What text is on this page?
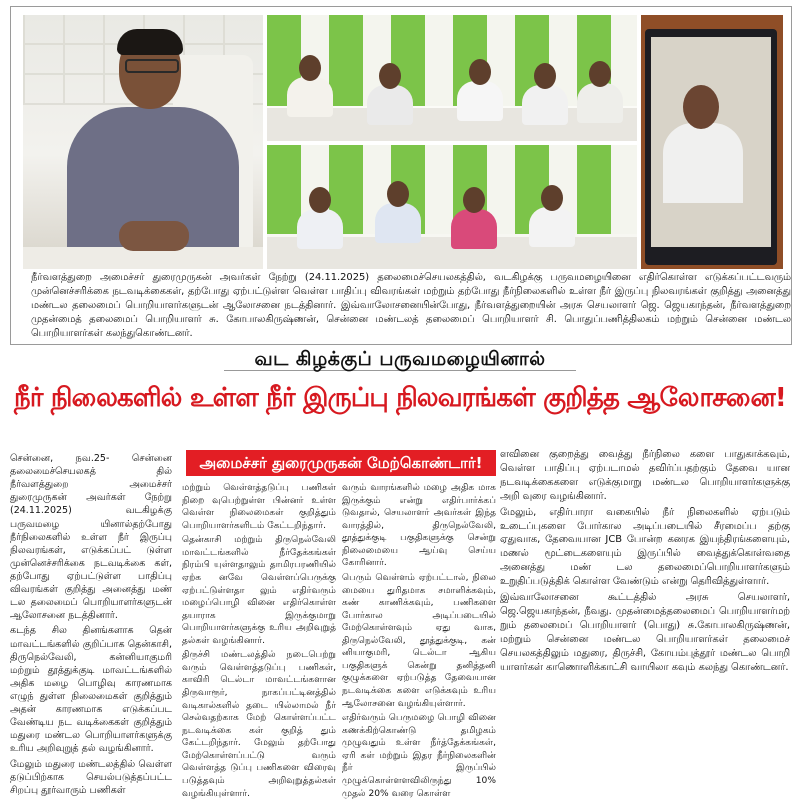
நீர்வளத்துறை அமைச்சர் துரைமுருகன் அவர்கள் நேற்று (24.11.2025) தலைமைச்செயலகத்தில், வடகிழக்கு பருவமழையினை எதிர்கொள்ள எடுக்கப்பட்டவரும் முன்னெச்சரிக்கை நடவடிக்கைகள், தற்போது ஏற்பட்டுள்ள வெள்ள பாதிப்பு விவரங்கள் மற்றும் தற்போது நீர்நிலைகளில் உள்ள நீர் இருப்பு நிலவரங்கள் குறித்து அனைத்து மண்டல தலைமைப் பொறியாளர்களுடன் ஆலோசனை நடத்தினார். இவ்வாலோசனையின்போது, நீர்வளத்துறையின் அரசு செயலாளர் ஜெ. ஜெயகாந்தன், நீர்வளத்துறை முதன்மைத் தலைமைப் பொறியாளர் சு. கோபாலகிருஷ்ணன், சென்னை மண்டலத் தலைமைப் பொறியாளர் சி. பொதுப்பணித்திலகம் மற்றும் சென்னை மண்டல பொறியாளர்கள் கலந்துகொண்டனர்.
வட கிழக்குப் பருவமழையினால்
நீர் நிலைகளில் உள்ள நீர் இருப்பு நிலவரங்கள் குறித்த ஆலோசனை!
அமைச்சர் துரைமுருகன் மேற்கொண்டார்!

சென்னை, நவ.25- சென்னை தலைமைச்செயலகத் தில் நீர்வளத்துறை அமைச்சர் துரைமுருகன் அவர்கள் நேற்று (24.11.2025) வடகிழக்கு பருவமழை யினால்தற்போது நீர்நிலைகளில் உள்ள நீர் இருப்பு நிலவரங்கள், எடுக்கப்பட் டுள்ள முன்னெச்சரிக்கை நடவடிக்கை கள், தற்போது ஏற்பட்டுள்ள பாதிப்பு விவரங்கள் குறித்து அனைத்து மண் டல தலைமைப் பொறியாளர்களுடன் ஆலோசனை நடத்தினார்.

கடந்த சில தினங்களாக தென் மாவட்டங்களில் குறிப்பாக தென்காசி, திருநெல்வேலி, கன்னியாகுமரி மற்றும் தூத்துக்குடி மாவட்டங்களில் அதிக மழை பொழிவு காரணமாக எழுந் துள்ள நிலைமைகள் குறித்தும் அதன் காரணமாக எடுக்கப்பட வேண்டிய நட வடிக்கைகள் குறித்தும் மதுரை மண்டல பொறியாளர்களுக்கு உரிய அறிவுறுத் தல் வழங்கினார்.

மேலும் மதுரை மண்டலத்தில் வெள்ள தடுப்பிற்காக செயல்படுத்தப்பட்ட சிறப்பு தூர்வாரும் பணிகள்

மற்றும் வெள்ளத்தடுப்பு பணிகள் நிறை வுபெற்றுள்ள பின்னர் உள்ள வெள்ள நிலைமைகள் குறித்தும் பொறியாளர்களிடம் கேட்டறிந்தார்.

தென்காசி மற்றும் திருநெல்வேலி மாவட்டங்களில் நீர்தேக்கங்கள் நிரம்பி யுள்ளதாலும் தாமிரபரணியில் ஏற்க னவே வெள்ளப்பெருக்கு ஏற்பட்டுள்ளதா லும் எதிர்வரும் மழைப்பொழி வினை எதிர்கொள்ள தயாராக இருக்குமாறு பொறியாளர்களுக்கு உரிய அறிவுறுத் தல்கள் வழங்கினார்.

திருச்சி மண்டலத்தில் நடைபெற்று வரும் வெள்ளத்தடுப்பு பணிகள், காவிரி டெல்டா மாவட்டங்களான திருவாரூர், நாகப்பட்டினத்தில் வடிகால்களில் தடை யில்லாமல் நீர் செல்வதற்காக மேற் கொள்ளப்பட்ட நடவடிக்கை கள் குறித் தும் கேட்டறிந்தார். மேலும் தற்போது மேற்கொள்ளப்பட்டு வரும் வெள்ளத்த டுப்பு பணிகளை விரைவு படுத்தவும் அறிவுறுத்தல்கள் வழங்கியுள்ளார்.

வரும் வாரங்களில் மழை அதிக மாக இருக்கும் என்று எதிர்பார்க்கப் டுவதால், செயலாளர் அவர்கள் இந்த வாரத்தில், திருநெல்வேலி, தூத்துக்குடி பகுதிகளுக்கு சென்று நிலைமையை ஆய்வு செய்ய கோரினார்.

பெரும் வெள்ளம் ஏற்பட்டால், நிலை மையை துரிதமாக சமாளிக்கவும், கண் காணிக்கவும், பணிகளை போர்கால அடிப்படையில் மேற்கொள்ளவும் ஏது வாக, திருநெல்வேலி, தூத்துக்குடி, கன் னியாகுமரி, டெல்டா ஆகிய பகுதிகளுக் கென்று தனித்தனி குழுக்களை ஏற்படுத்த தேவையான நடவடிக்கை களை எடுக்கவும் உரிய ஆலோசனை வழங்கியுள்ளார்.

எதிர்வரும் பெருமழை பொழி வினை கணக்கிற்கொண்டு தமிழகம் முழுவதும் உள்ள நீர்த்தேக்கங்கள், ஏரி கள் மற்றும் இதர நீர்நிலைகளின் நீர் இருப்பில் முழுக்கொள்ளளவிலிருந்து 10% முதல் 20% வரை கொள்ள

ளவினை குறைத்து வைத்து நீர்நிலை களை பாதுகாக்கவும், வெள்ள பாதிப்பு ஏற்படாமல் தவிர்ப்பதற்கும் தேவை யான நடவடிக்கைகளை எடுக்குமாறு மண்டல பொறியாளர்களுக்கு அறி வுரை வழங்கினார்.

மேலும், எதிர்பாரா வகையில் நீர் நிலைகளில் ஏற்படும் உடைப்புகளை போர்கால அடிப்படையில் சீரமைப்ப தற்கு ஏதுவாக, தேவையான JCB போன்ற கனரக இயந்திரங்களையும், மணல் மூட்டைகளையும் இருப்பில் வைத்துக்கொள்வதை அனைத்து மண் டல தலைமைப்பொறியாளர்களும் உறுதிப்படுத்திக் கொள்ள வேண்டும் என்று தெரிவித்துள்ளார்.

இவ்வாலோசனை கூட்டத்தில் அரசு செயலாளர், ஜெ.ஜெயகாந்தன், நீவது. முதன்மைத்தலைமைப் பொறியாளர்மற் றும் தலைமைப் பொறியாளர் (பொது) சு.கோபாலகிருஷ்ணன், மற்றும் சென்னை மண்டல பொறியாளர்கள் தலைமைச் செயலகத்திலும் மதுரை, திருச்சி, கோயம்புத்தூர் மண்டல பொறி யாளர்கள் காணொளிக்காட்சி வாயிலா கவும் கலந்து கொண்டனர்.
